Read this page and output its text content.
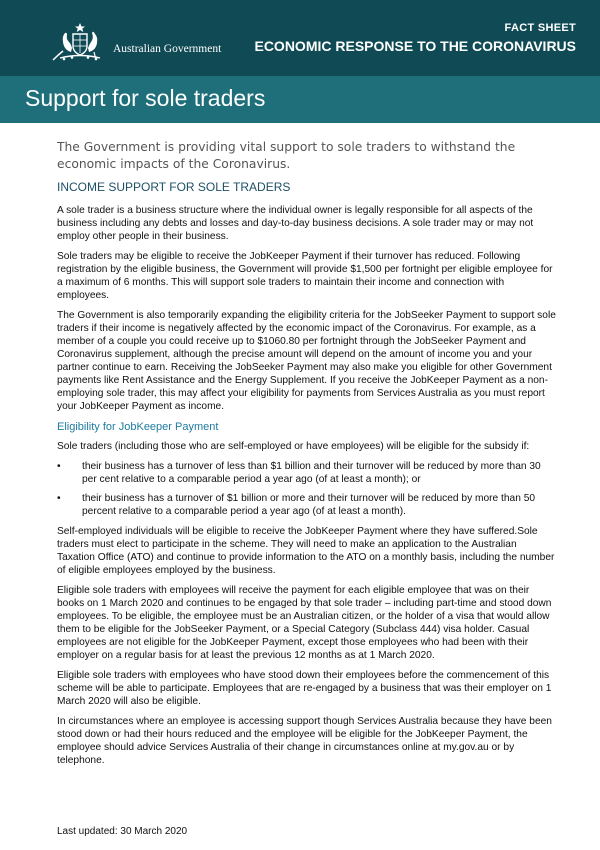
Australian Government
FACT SHEET
ECONOMIC RESPONSE TO THE CORONAVIRUS
Support for sole traders
The Government is providing vital support to sole traders to withstand the economic impacts of the Coronavirus.
INCOME SUPPORT FOR SOLE TRADERS

A sole trader is a business structure where the individual owner is legally responsible for all aspects of the business including any debts and losses and day-to-day business decisions. A sole trader may or may not employ other people in their business.

Sole traders may be eligible to receive the JobKeeper Payment if their turnover has reduced. Following registration by the eligible business, the Government will provide $1,500 per fortnight per eligible employee for a maximum of 6 months. This will support sole traders to maintain their income and connection with employees.

The Government is also temporarily expanding the eligibility criteria for the JobSeeker Payment to support sole traders if their income is negatively affected by the economic impact of the Coronavirus. For example, as a member of a couple you could receive up to $1060.80 per fortnight through the JobSeeker Payment and Coronavirus supplement, although the precise amount will depend on the amount of income you and your partner continue to earn. Receiving the JobSeeker Payment may also make you eligible for other Government payments like Rent Assistance and the Energy Supplement. If you receive the JobKeeper Payment as a non-employing sole trader, this may affect your eligibility for payments from Services Australia as you must report your JobKeeper Payment as income.

Eligibility for JobKeeper Payment

Sole traders (including those who are self-employed or have employees) will be eligible for the subsidy if:

•	their business has a turnover of less than $1 billion and their turnover will be reduced by more than 30 per cent relative to a comparable period a year ago (of at least a month); or
•	their business has a turnover of $1 billion or more and their turnover will be reduced by more than 50 percent relative to a comparable period a year ago (of at least a month).

Self-employed individuals will be eligible to receive the JobKeeper Payment where they have suffered.Sole traders must elect to participate in the scheme. They will need to make an application to the Australian Taxation Office (ATO) and continue to provide information to the ATO on a monthly basis, including the number of eligible employees employed by the business.

Eligible sole traders with employees will receive the payment for each eligible employee that was on their books on 1 March 2020 and continues to be engaged by that sole trader – including part-time and stood down employees. To be eligible, the employee must be an Australian citizen, or the holder of a visa that would allow them to be eligible for the JobSeeker Payment, or a Special Category (Subclass 444) visa holder. Casual employees are not eligible for the JobKeeper Payment, except those employees who had been with their employer on a regular basis for at least the previous 12 months as at 1 March 2020.

Eligible sole traders with employees who have stood down their employees before the commencement of this scheme will be able to participate. Employees that are re-engaged by a business that was their employer on 1 March 2020 will also be eligible.

In circumstances where an employee is accessing support though Services Australia because they have been stood down or had their hours reduced and the employee will be eligible for the JobKeeper Payment, the employee should advice Services Australia of their change in circumstances online at my.gov.au or by telephone.

Last updated: 30 March 2020
